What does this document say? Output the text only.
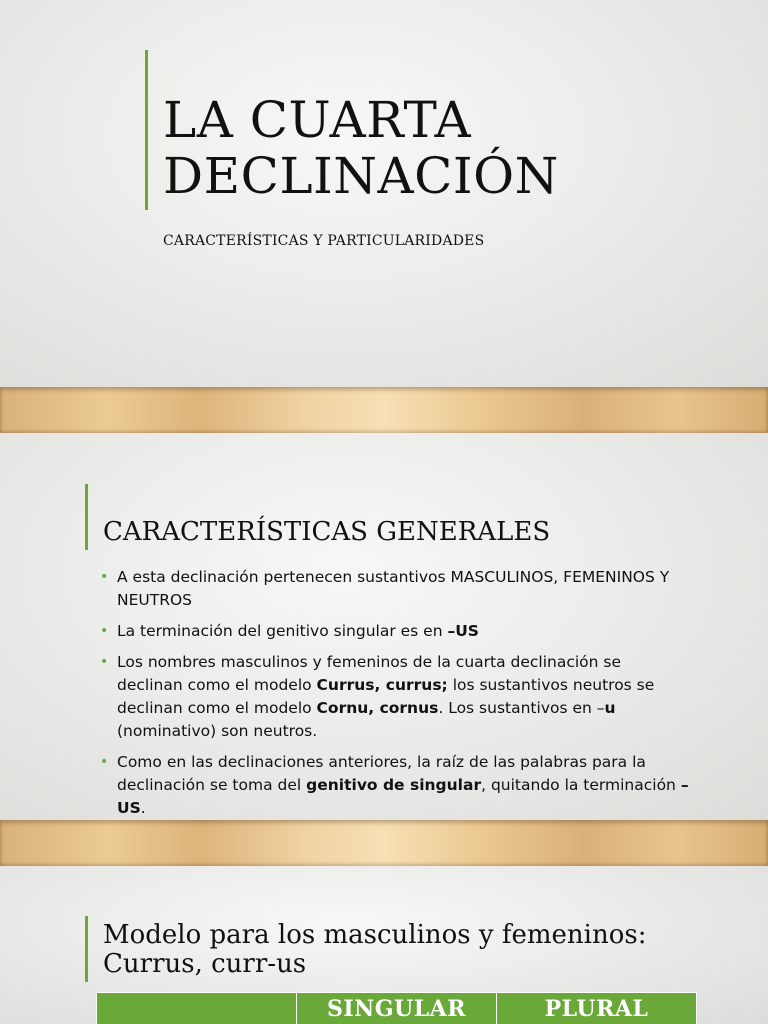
LA CUARTA
DECLINACIÓN
CARACTERÍSTICAS Y PARTICULARIDADES
CARACTERÍSTICAS GENERALES
• A esta declinación pertenecen sustantivos MASCULINOS, FEMENINOS Y NEUTROS
• La terminación del genitivo singular es en –US
• Los nombres masculinos y femeninos de la cuarta declinación se declinan como el modelo Currus, currus; los sustantivos neutros se declinan como el modelo Cornu, cornus. Los sustantivos en –u (nominativo) son neutros.
• Como en las declinaciones anteriores, la raíz de las palabras para la declinación se toma del genitivo de singular, quitando la terminación –US.
Modelo para los masculinos y femeninos:
Currus, curr-us
	SINGULAR	PLURAL
